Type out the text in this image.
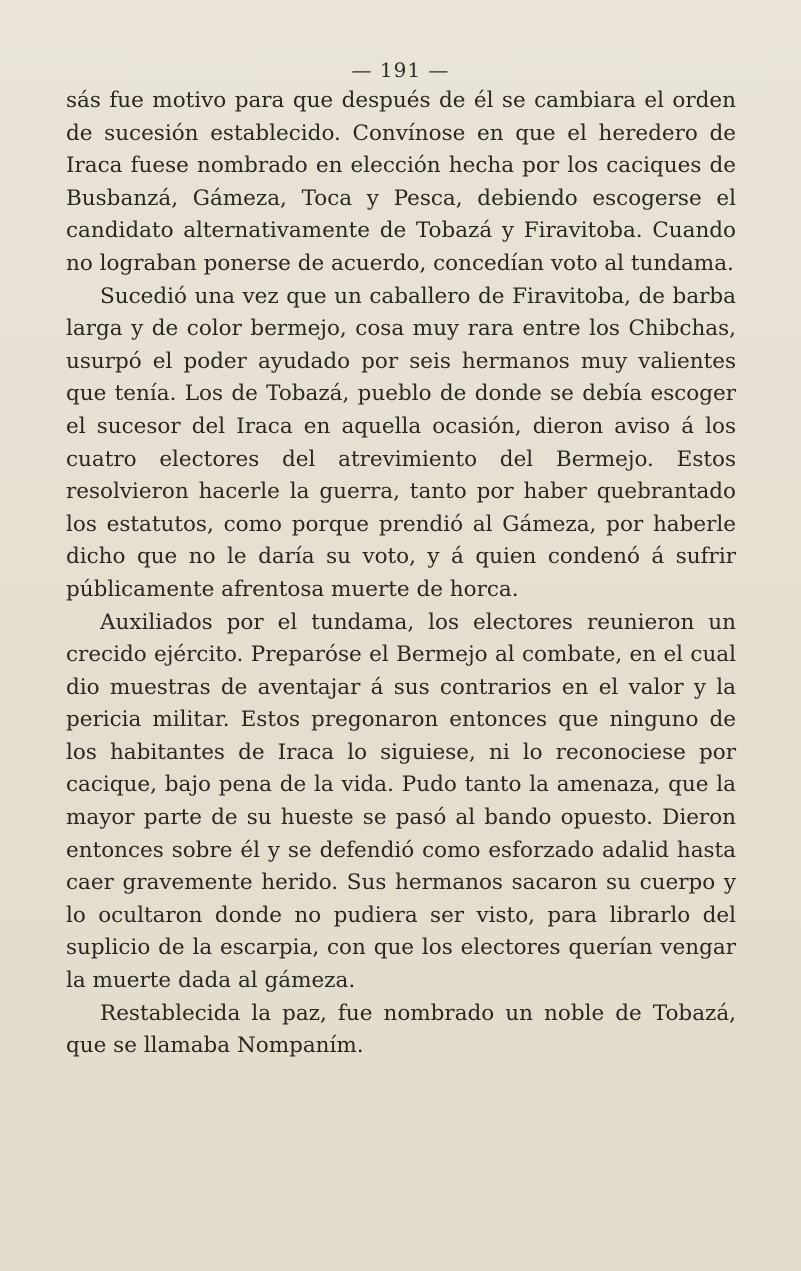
— 191 —

sás fue motivo para que después de él se cambiara el orden de sucesión establecido. Convínose en que el heredero de Iraca fuese nombrado en elección hecha por los caciques de Busbanzá, Gámeza, Toca y Pesca, debiendo escogerse el candidato alternativamente de Tobazá y Firavitoba. Cuando no lograban ponerse de acuerdo, concedían voto al tundama.

Sucedió una vez que un caballero de Firavitoba, de barba larga y de color bermejo, cosa muy rara entre los Chibchas, usurpó el poder ayudado por seis hermanos muy valientes que tenía. Los de Tobazá, pueblo de donde se debía escoger el sucesor del Iraca en aquella ocasión, dieron aviso á los cuatro electores del atrevimiento del Bermejo. Estos resolvieron hacerle la guerra, tanto por haber quebrantado los estatutos, como porque prendió al Gámeza, por haberle dicho que no le daría su voto, y á quien condenó á sufrir públicamente afrentosa muerte de horca.

Auxiliados por el tundama, los electores reunieron un crecido ejército. Preparóse el Bermejo al combate, en el cual dio muestras de aventajar á sus contrarios en el valor y la pericia militar. Estos pregonaron entonces que ninguno de los habitantes de Iraca lo siguiese, ni lo reconociese por cacique, bajo pena de la vida. Pudo tanto la amenaza, que la mayor parte de su hueste se pasó al bando opuesto. Dieron entonces sobre él y se defendió como esforzado adalid hasta caer gravemente herido. Sus hermanos sacaron su cuerpo y lo ocultaron donde no pudiera ser visto, para librarlo del suplicio de la escarpia, con que los electores querían vengar la muerte dada al gámeza.

Restablecida la paz, fue nombrado un noble de Tobazá, que se llamaba Nompaním.
